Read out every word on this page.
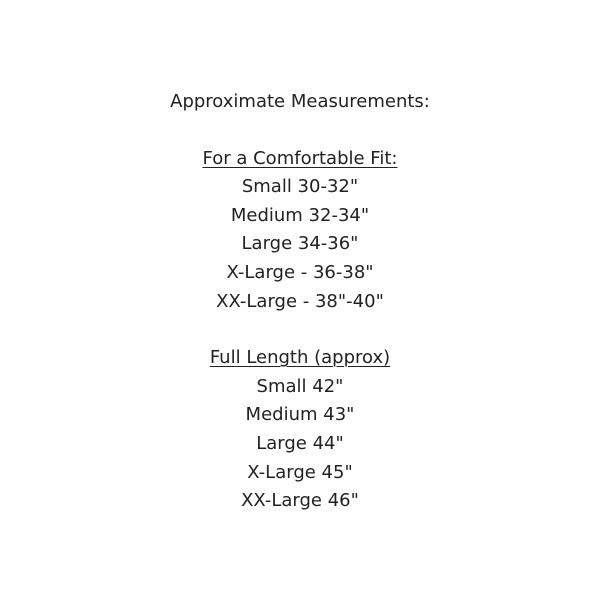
Approximate Measurements:
For a Comfortable Fit:
Small 30-32"
Medium 32-34"
Large 34-36"
X-Large - 36-38"
XX-Large - 38"-40"
Full Length (approx)
Small 42"
Medium 43"
Large 44"
X-Large 45"
XX-Large 46"
